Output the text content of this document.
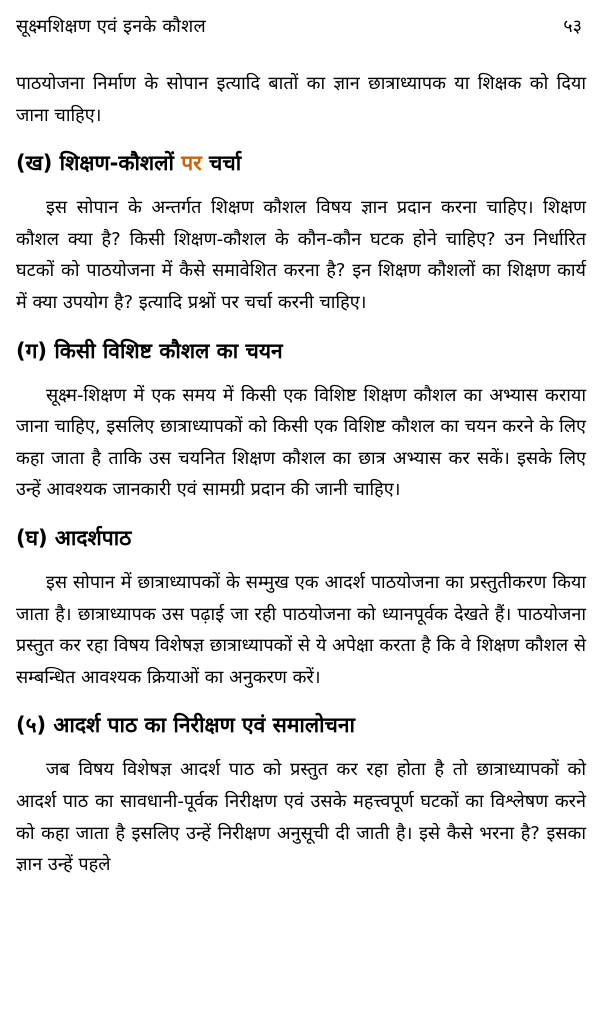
सूक्ष्मशिक्षण एवं इनके कौशल	५३

पाठयोजना निर्माण के सोपान इत्यादि बातों का ज्ञान छात्राध्यापक या शिक्षक को दिया जाना चाहिए।

(ख) शिक्षण-कौशलों पर चर्चा

इस सोपान के अन्तर्गत शिक्षण कौशल विषय ज्ञान प्रदान करना चाहिए। शिक्षण कौशल क्या है? किसी शिक्षण-कौशल के कौन-कौन घटक होने चाहिए? उन निर्धारित घटकों को पाठयोजना में कैसे समावेशित करना है? इन शिक्षण कौशलों का शिक्षण कार्य में क्या उपयोग है? इत्यादि प्रश्नों पर चर्चा करनी चाहिए।

(ग) किसी विशिष्ट कौशल का चयन

सूक्ष्म-शिक्षण में एक समय में किसी एक विशिष्ट शिक्षण कौशल का अभ्यास कराया जाना चाहिए, इसलिए छात्राध्यापकों को किसी एक विशिष्ट कौशल का चयन करने के लिए कहा जाता है ताकि उस चयनित शिक्षण कौशल का छात्र अभ्यास कर सकें। इसके लिए उन्हें आवश्यक जानकारी एवं सामग्री प्रदान की जानी चाहिए।

(घ) आदर्शपाठ

इस सोपान में छात्राध्यापकों के सम्मुख एक आदर्श पाठयोजना का प्रस्तुतीकरण किया जाता है। छात्राध्यापक उस पढ़ाई जा रही पाठयोजना को ध्यानपूर्वक देखते हैं। पाठयोजना प्रस्तुत कर रहा विषय विशेषज्ञ छात्राध्यापकों से ये अपेक्षा करता है कि वे शिक्षण कौशल से सम्बन्धित आवश्यक क्रियाओं का अनुकरण करें।

(५) आदर्श पाठ का निरीक्षण एवं समालोचना

जब विषय विशेषज्ञ आदर्श पाठ को प्रस्तुत कर रहा होता है तो छात्राध्यापकों को आदर्श पाठ का सावधानी-पूर्वक निरीक्षण एवं उसके महत्त्वपूर्ण घटकों का विश्लेषण करने को कहा जाता है इसलिए उन्हें निरीक्षण अनुसूची दी जाती है। इसे कैसे भरना है? इसका ज्ञान उन्हें पहले
